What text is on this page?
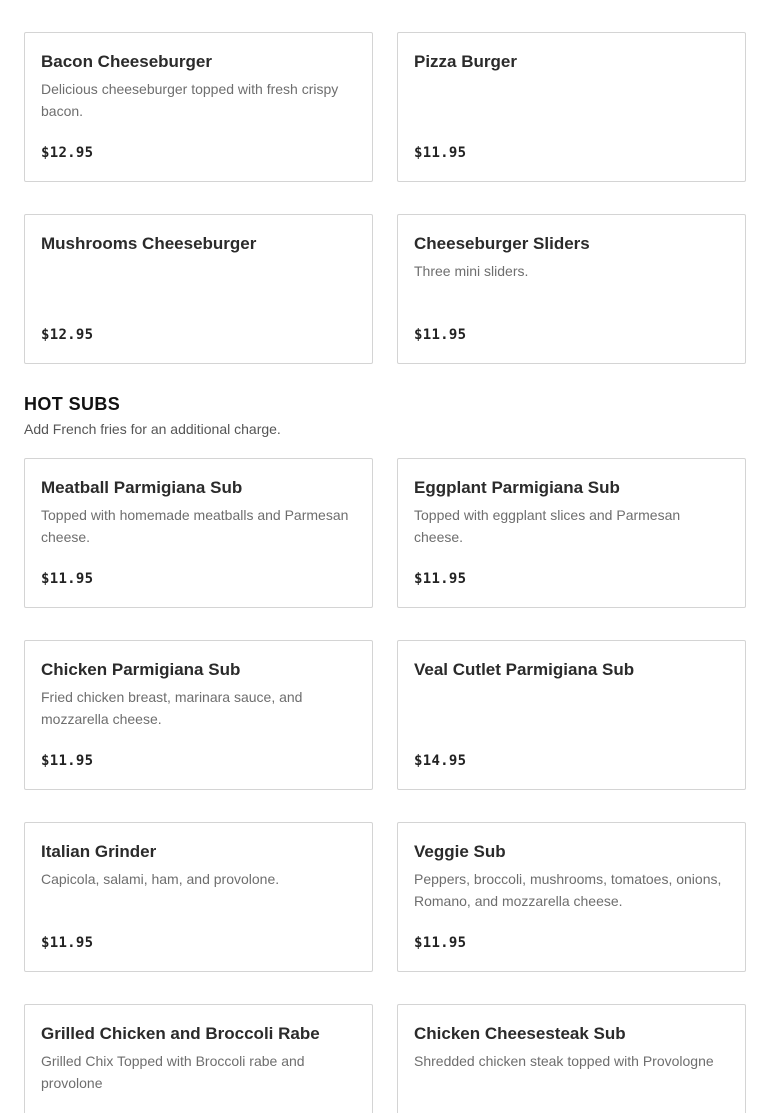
Bacon Cheeseburger
Delicious cheeseburger topped with fresh crispy bacon.
$12.95
Pizza Burger
$11.95
Mushrooms Cheeseburger
$12.95
Cheeseburger Sliders
Three mini sliders.
$11.95
HOT SUBS
Add French fries for an additional charge.
Meatball Parmigiana Sub
Topped with homemade meatballs and Parmesan cheese.
$11.95
Eggplant Parmigiana Sub
Topped with eggplant slices and Parmesan cheese.
$11.95
Chicken Parmigiana Sub
Fried chicken breast, marinara sauce, and mozzarella cheese.
$11.95
Veal Cutlet Parmigiana Sub
$14.95
Italian Grinder
Capicola, salami, ham, and provolone.
$11.95
Veggie Sub
Peppers, broccoli, mushrooms, tomatoes, onions, Romano, and mozzarella cheese.
$11.95
Grilled Chicken and Broccoli Rabe
Grilled Chix Topped with Broccoli rabe and provolone
Chicken Cheesesteak Sub
Shredded chicken steak topped with Provologne
